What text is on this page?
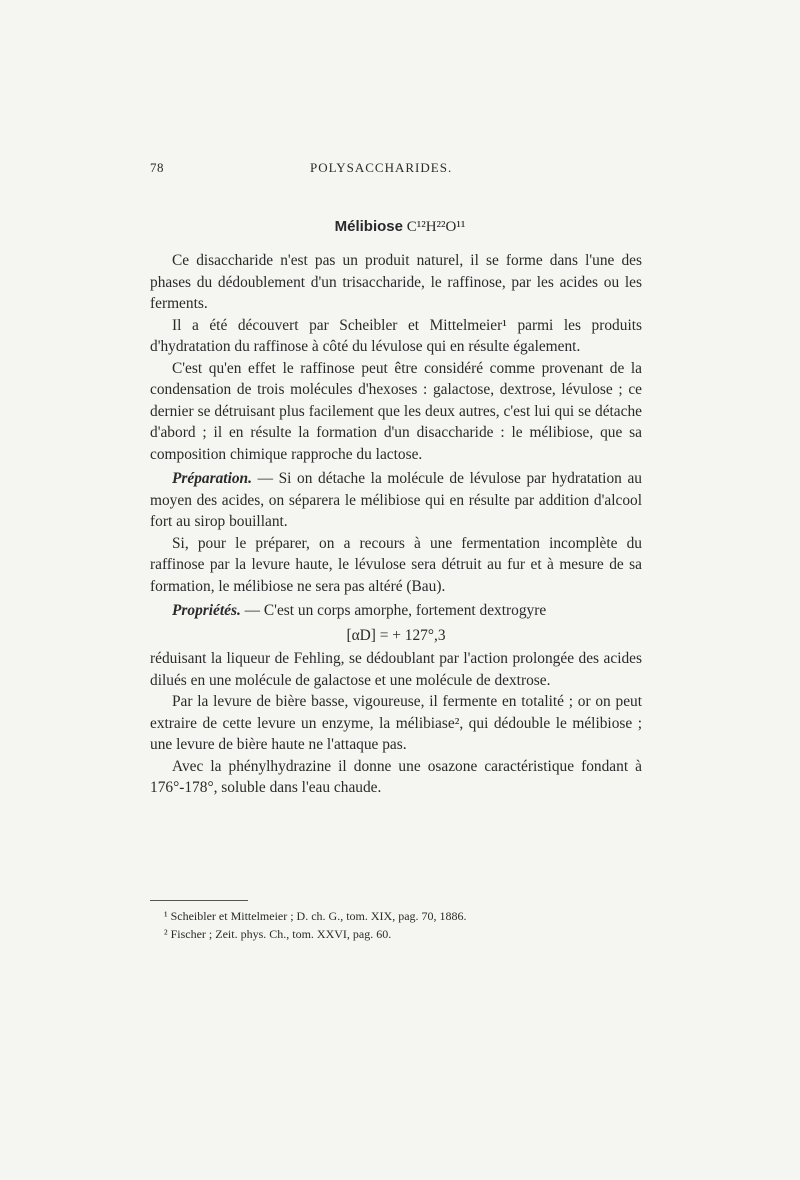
78	POLYSACCHARIDES.
Mélibiose C¹²H²²O¹¹

Ce disaccharide n'est pas un produit naturel, il se forme dans l'une des phases du dédoublement d'un trisaccharide, le raffinose, par les acides ou les ferments.

Il a été découvert par Scheibler et Mittelmeier¹ parmi les produits d'hydratation du raffinose à côté du lévulose qui en résulte également.

C'est qu'en effet le raffinose peut être considéré comme provenant de la condensation de trois molécules d'hexoses : galactose, dextrose, lévulose ; ce dernier se détruisant plus facilement que les deux autres, c'est lui qui se détache d'abord ; il en résulte la formation d'un disaccharide : le mélibiose, que sa composition chimique rapproche du lactose.

Préparation. — Si on détache la molécule de lévulose par hydratation au moyen des acides, on séparera le mélibiose qui en résulte par addition d'alcool fort au sirop bouillant.

Si, pour le préparer, on a recours à une fermentation incomplète du raffinose par la levure haute, le lévulose sera détruit au fur et à mesure de sa formation, le mélibiose ne sera pas altéré (Bau).

Propriétés. — C'est un corps amorphe, fortement dextrogyre

[αD] = + 127°,3

réduisant la liqueur de Fehling, se dédoublant par l'action prolongée des acides dilués en une molécule de galactose et une molécule de dextrose.

Par la levure de bière basse, vigoureuse, il fermente en totalité ; or on peut extraire de cette levure un enzyme, la mélibiase², qui dédouble le mélibiose ; une levure de bière haute ne l'attaque pas.

Avec la phénylhydrazine il donne une osazone caractéristique fondant à 176°-178°, soluble dans l'eau chaude.

¹ Scheibler et Mittelmeier ; D. ch. G., tom. XIX, pag. 70, 1886.

² Fischer ; Zeit. phys. Ch., tom. XXVI, pag. 60.
